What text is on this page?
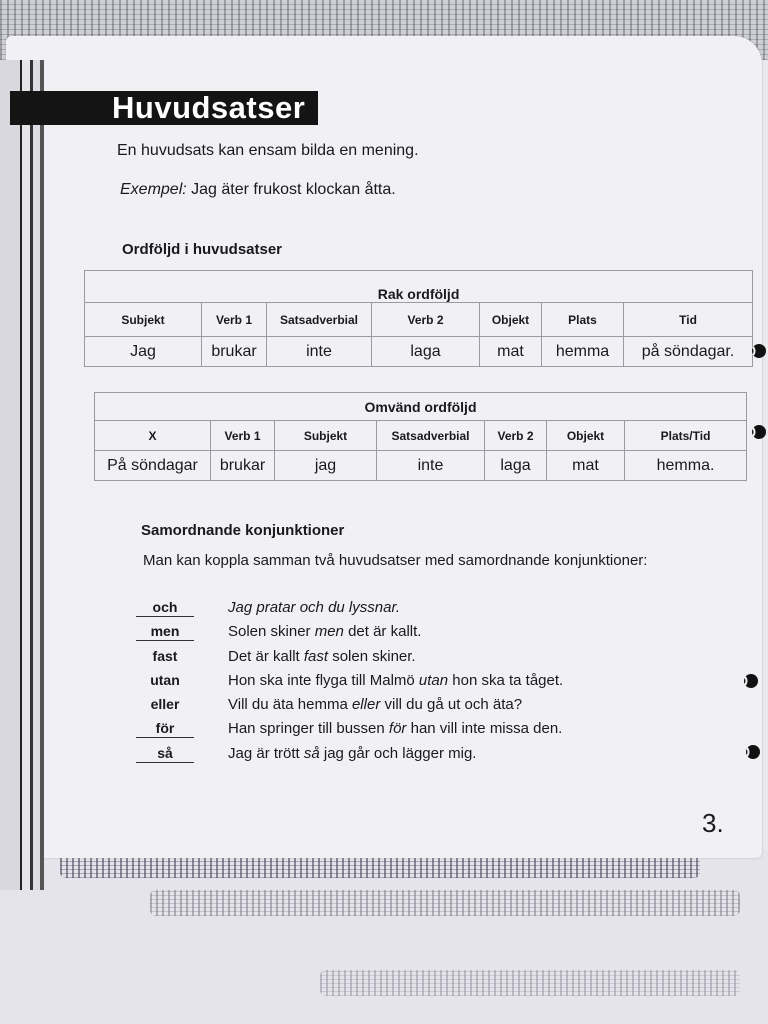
Huvudsatser
En huvudsats kan ensam bilda en mening.
Exempel: Jag äter frukost klockan åtta.
Ordföljd i huvudsatser
Rak ordföljd						
Subjekt	Verb 1	Satsadverbial	Verb 2	Objekt	Plats	Tid
Jag	brukar	inte	laga	mat	hemma	på söndagar.
Omvänd ordföljd						
X	Verb 1	Subjekt	Satsadverbial	Verb 2	Objekt	Plats/Tid
På söndagar	brukar	jag	inte	laga	mat	hemma.
Samordnande konjunktioner
Man kan koppla samman två huvudsatser med samordnande konjunktioner:
och	Jag pratar och du lyssnar.
men	Solen skiner men det är kallt.
fast	Det är kallt fast solen skiner.
utan	Hon ska inte flyga till Malmö utan hon ska ta tåget.
eller	Vill du äta hemma eller vill du gå ut och äta?
för	Han springer till bussen för han vill inte missa den.
så	Jag är trött så jag går och lägger mig.
3.
